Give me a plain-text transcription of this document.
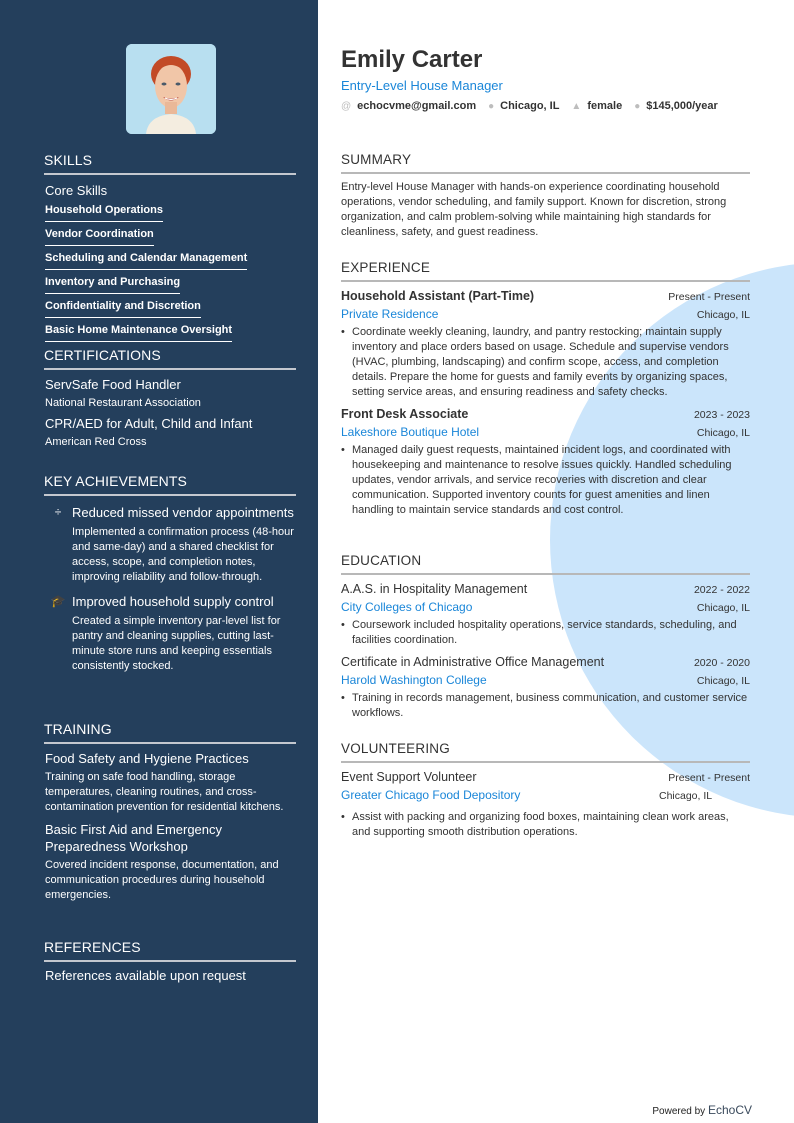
SKILLS
Core Skills
Household Operations
Vendor Coordination
Scheduling and Calendar Management
Inventory and Purchasing
Confidentiality and Discretion
Basic Home Maintenance Oversight
CERTIFICATIONS
ServSafe Food Handler
National Restaurant Association
CPR/AED for Adult, Child and Infant
American Red Cross
KEY ACHIEVEMENTS
÷ Reduced missed vendor appointments
Implemented a confirmation process (48-hour and same-day) and a shared checklist for access, scope, and completion notes, improving reliability and follow-through.
🎓 Improved household supply control
Created a simple inventory par-level list for pantry and cleaning supplies, cutting last-minute store runs and keeping essentials consistently stocked.
TRAINING
Food Safety and Hygiene Practices
Training on safe food handling, storage temperatures, cleaning routines, and cross-contamination prevention for residential kitchens.
Basic First Aid and Emergency Preparedness Workshop
Covered incident response, documentation, and communication procedures during household emergencies.
REFERENCES
References available upon request
Emily Carter
Entry-Level House Manager
@ echocvme@gmail.com ● Chicago, IL ▲ female ● $145,000/year
SUMMARY
Entry-level House Manager with hands-on experience coordinating household operations, vendor scheduling, and family support. Known for discretion, strong organization, and calm problem-solving while maintaining high standards for cleanliness, safety, and guest readiness.
EXPERIENCE
Household Assistant (Part-Time)	Present - Present
Private Residence	Chicago, IL
• Coordinate weekly cleaning, laundry, and pantry restocking; maintain supply inventory and place orders based on usage. Schedule and supervise vendors (HVAC, plumbing, landscaping) and confirm scope, access, and completion details. Prepare the home for guests and family events by organizing spaces, setting service areas, and ensuring readiness and safety checks.
Front Desk Associate	2023 - 2023
Lakeshore Boutique Hotel	Chicago, IL
• Managed daily guest requests, maintained incident logs, and coordinated with housekeeping and maintenance to resolve issues quickly. Handled scheduling updates, vendor arrivals, and service recoveries with discretion and clear communication. Supported inventory counts for guest amenities and linen handling to maintain service standards and cost control.
EDUCATION
A.A.S. in Hospitality Management	2022 - 2022
City Colleges of Chicago	Chicago, IL
• Coursework included hospitality operations, service standards, scheduling, and facilities coordination.
Certificate in Administrative Office Management	2020 - 2020
Harold Washington College	Chicago, IL
• Training in records management, business communication, and customer service workflows.
VOLUNTEERING
Event Support Volunteer	Present - Present
Greater Chicago Food Depository	Chicago, IL
• Assist with packing and organizing food boxes, maintaining clean work areas, and supporting smooth distribution operations.
Powered by EchoCV
